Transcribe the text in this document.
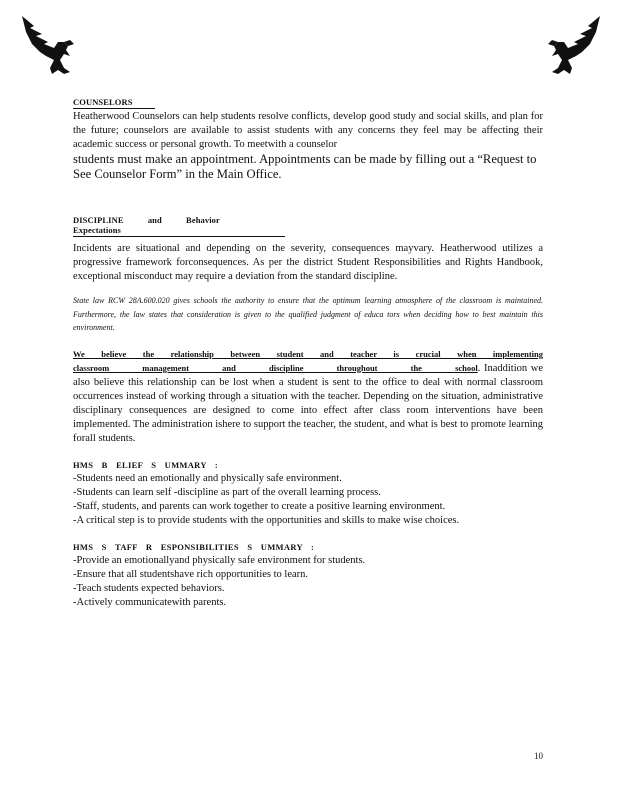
COUNSELORS

Heatherwood Counselors can help students resolve conflicts, develop good study and social skills, and plan for the future; counselors are available to assist students with any concerns they feel may be affecting their academic success or personal growth. To meetwith a counselor

students must make an appointment. Appointments can be made by filling out a “Request to See Counselor Form” in the Main Office.

DISCIPLINE and Behavior Expectations

Incidents are situational and depending on the severity, consequences mayvary. Heatherwood utilizes a progressive framework forconsequences. As per the district Student Responsibilities and Rights Handbook, exceptional misconduct may require a deviation from the standard discipline.

State law RCW 28A.600.020 gives schools the authority to ensure that the optimum learning atmosphere of the classroom is maintained. Furthermore, the law states that consideration is given to the qualified judgment of educa tors when deciding how to best maintain this environment.
We believe the relationship between student and teacher is crucial when implementing
classroom management and discipline throughout the school. Inaddition we also believe this relationship can be lost when a student is sent to the office to deal with normal classroom occurrences instead of working through a situation with the teacher. Depending on the situation, administrative disciplinary consequences are designed to come into effect after class room interventions have been implemented. The administration ishere to support the teacher, the student, and what is best to promote learning forall students.
HMS B ELIEF S UMMARY :
-Students need an emotionally and physically safe environment.
-Students can learn self -discipline as part of the overall learning process.
-Staff, students, and parents can work together to create a positive learning environment.
-A critical step is to provide students with the opportunities and skills to make wise choices.
HMS S TAFF R ESPONSIBILITIES S UMMARY :
-Provide an emotionallyand physically safe environment for students.
-Ensure that all studentshave rich opportunities to learn.
-Teach students expected behaviors.
-Actively communicatewith parents.
10
